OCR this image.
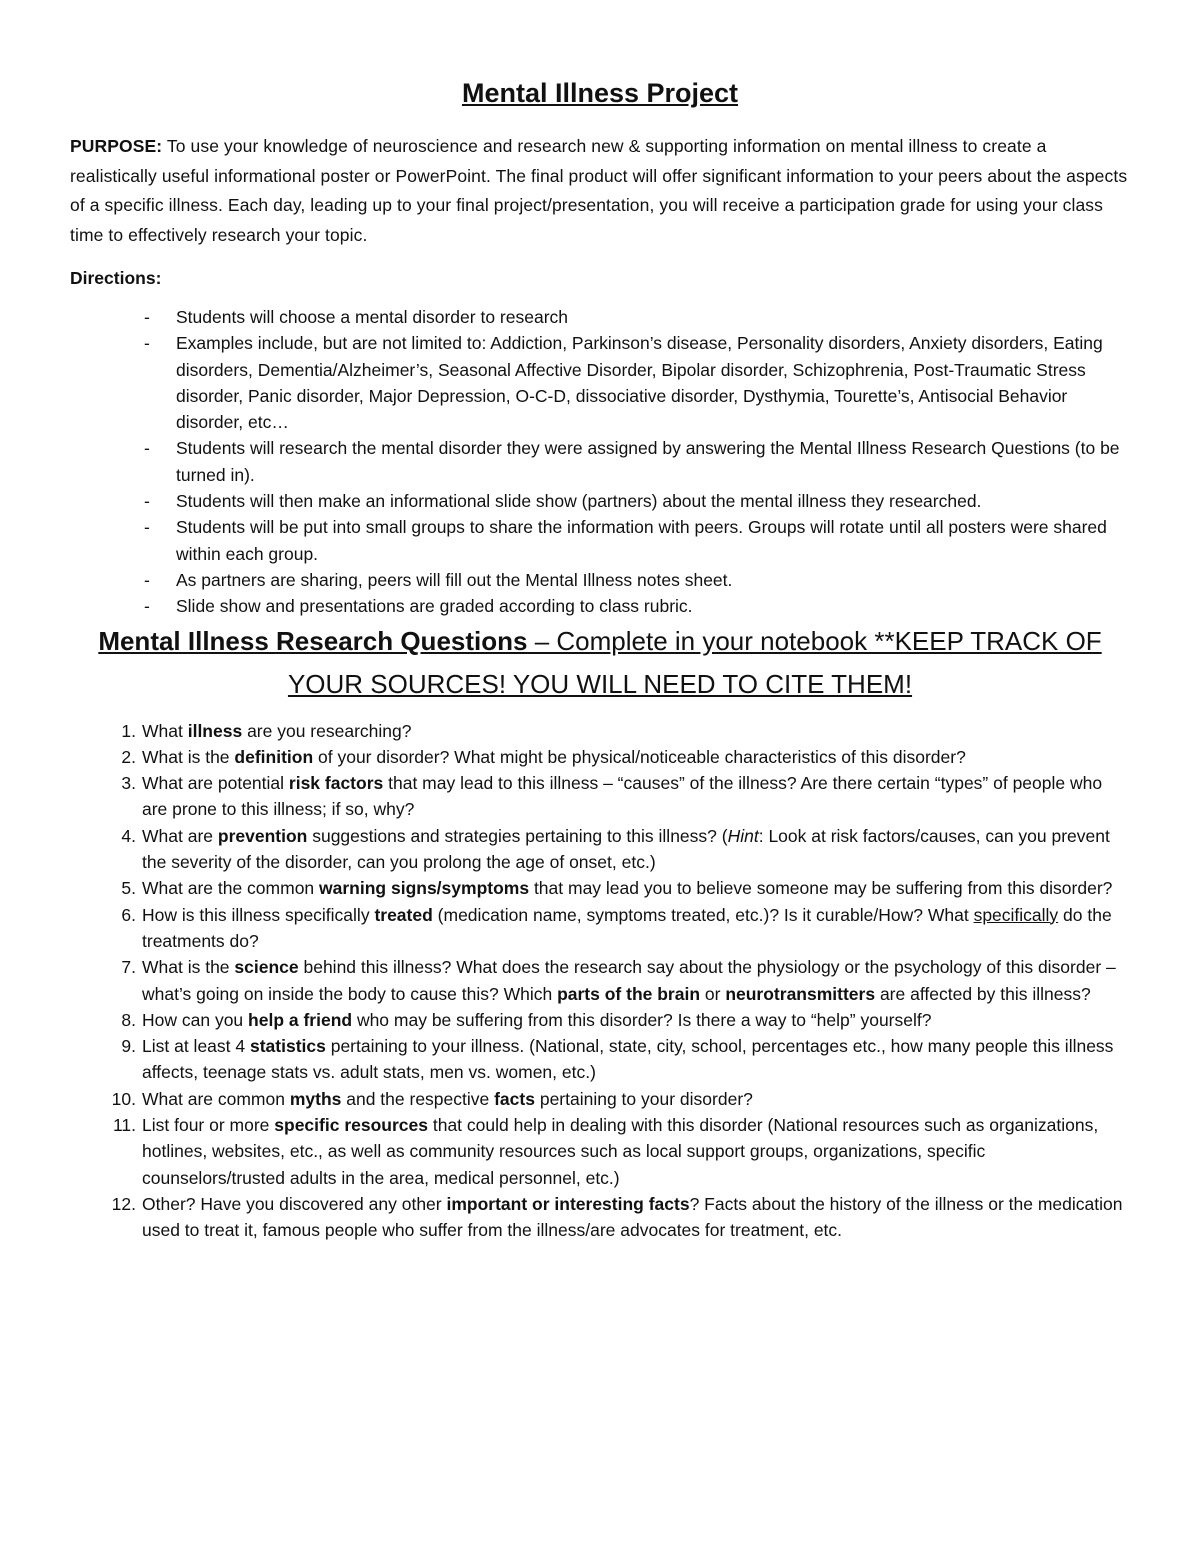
Mental Illness Project

PURPOSE: To use your knowledge of neuroscience and research new & supporting information on mental illness to create a realistically useful informational poster or PowerPoint. The final product will offer significant information to your peers about the aspects of a specific illness. Each day, leading up to your final project/presentation, you will receive a participation grade for using your class time to effectively research your topic.

Directions:
- Students will choose a mental disorder to research
- Examples include, but are not limited to: Addiction, Parkinson’s disease, Personality disorders, Anxiety disorders, Eating disorders, Dementia/Alzheimer’s, Seasonal Affective Disorder, Bipolar disorder, Schizophrenia, Post-Traumatic Stress disorder, Panic disorder, Major Depression, O-C-D, dissociative disorder, Dysthymia, Tourette’s, Antisocial Behavior disorder, etc…
- Students will research the mental disorder they were assigned by answering the Mental Illness Research Questions (to be turned in).
- Students will then make an informational slide show (partners) about the mental illness they researched.
- Students will be put into small groups to share the information with peers. Groups will rotate until all posters were shared within each group.
- As partners are sharing, peers will fill out the Mental Illness notes sheet.
- Slide show and presentations are graded according to class rubric.
Mental Illness Research Questions – Complete in your notebook **KEEP TRACK OF YOUR SOURCES! YOU WILL NEED TO CITE THEM!
1. What illness are you researching?
2. What is the definition of your disorder? What might be physical/noticeable characteristics of this disorder?
3. What are potential risk factors that may lead to this illness – “causes” of the illness? Are there certain “types” of people who are prone to this illness; if so, why?
4. What are prevention suggestions and strategies pertaining to this illness? (Hint: Look at risk factors/causes, can you prevent the severity of the disorder, can you prolong the age of onset, etc.)
5. What are the common warning signs/symptoms that may lead you to believe someone may be suffering from this disorder?
6. How is this illness specifically treated (medication name, symptoms treated, etc.)? Is it curable/How? What specifically do the treatments do?
7. What is the science behind this illness? What does the research say about the physiology or the psychology of this disorder – what’s going on inside the body to cause this? Which parts of the brain or neurotransmitters are affected by this illness?
8. How can you help a friend who may be suffering from this disorder? Is there a way to “help” yourself?
9. List at least 4 statistics pertaining to your illness. (National, state, city, school, percentages etc., how many people this illness affects, teenage stats vs. adult stats, men vs. women, etc.)
10. What are common myths and the respective facts pertaining to your disorder?
11. List four or more specific resources that could help in dealing with this disorder (National resources such as organizations, hotlines, websites, etc., as well as community resources such as local support groups, organizations, specific counselors/trusted adults in the area, medical personnel, etc.)
12. Other? Have you discovered any other important or interesting facts? Facts about the history of the illness or the medication used to treat it, famous people who suffer from the illness/are advocates for treatment, etc.
